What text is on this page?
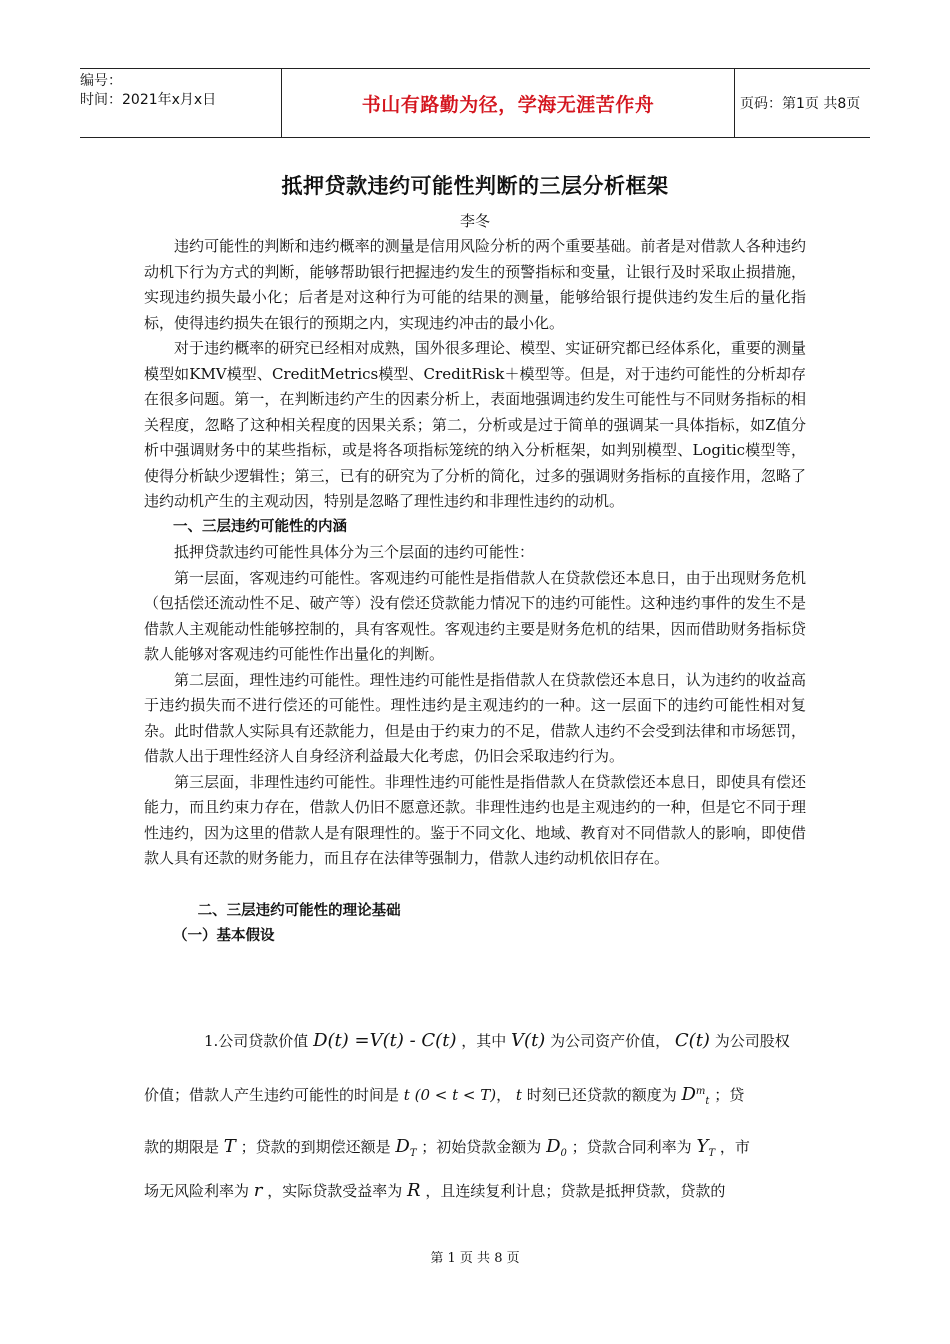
编号：
时间：2021年x月x日	书山有路勤为径，学海无涯苦作舟	页码：第1页 共8页
抵押贷款违约可能性判断的三层分析框架
李冬

违约可能性的判断和违约概率的测量是信用风险分析的两个重要基础。前者是对借款人各种违约动机下行为方式的判断，能够帮助银行把握违约发生的预警指标和变量，让银行及时采取止损措施，实现违约损失最小化；后者是对这种行为可能的结果的测量，能够给银行提供违约发生后的量化指标，使得违约损失在银行的预期之内，实现违约冲击的最小化。

对于违约概率的研究已经相对成熟，国外很多理论、模型、实证研究都已经体系化，重要的测量模型如KMV模型、CreditMetrics模型、CreditRisk＋模型等。但是，对于违约可能性的分析却存在很多问题。第一，在判断违约产生的因素分析上，表面地强调违约发生可能性与不同财务指标的相关程度，忽略了这种相关程度的因果关系；第二，分析或是过于简单的强调某一具体指标，如Z值分析中强调财务中的某些指标，或是将各项指标笼统的纳入分析框架，如判别模型、Logitic模型等，使得分析缺少逻辑性；第三，已有的研究为了分析的简化，过多的强调财务指标的直接作用，忽略了违约动机产生的主观动因，特别是忽略了理性违约和非理性违约的动机。

一、三层违约可能性的内涵

抵押贷款违约可能性具体分为三个层面的违约可能性：

第一层面，客观违约可能性。客观违约可能性是指借款人在贷款偿还本息日，由于出现财务危机（包括偿还流动性不足、破产等）没有偿还贷款能力情况下的违约可能性。这种违约事件的发生不是借款人主观能动性能够控制的，具有客观性。客观违约主要是财务危机的结果，因而借助财务指标贷款人能够对客观违约可能性作出量化的判断。

第二层面，理性违约可能性。理性违约可能性是指借款人在贷款偿还本息日，认为违约的收益高于违约损失而不进行偿还的可能性。理性违约是主观违约的一种。这一层面下的违约可能性相对复杂。此时借款人实际具有还款能力，但是由于约束力的不足，借款人违约不会受到法律和市场惩罚，借款人出于理性经济人自身经济利益最大化考虑，仍旧会采取违约行为。

第三层面，非理性违约可能性。非理性违约可能性是指借款人在贷款偿还本息日，即使具有偿还能力，而且约束力存在，借款人仍旧不愿意还款。非理性违约也是主观违约的一种，但是它不同于理性违约，因为这里的借款人是有限理性的。鉴于不同文化、地域、教育对不同借款人的影响，即使借款人具有还款的财务能力，而且存在法律等强制力，借款人违约动机依旧存在。

二、三层违约可能性的理论基础

（一）基本假设

1.公司贷款价值 D(t) =V(t) - C(t) ，其中 V(t) 为公司资产价值， C(t) 为公司股权
价值；借款人产生违约可能性的时间是 t (0 < t < T)， t 时刻已还贷款的额度为 $D^m_t$ ；贷
款的期限是 T ；贷款的到期偿还额是 $D_T$ ；初始贷款金额为 $D_0$ ；贷款合同利率为 $Y_T$ ，市
场无风险利率为 r ，实际贷款受益率为 R ，且连续复利计息；贷款是抵押贷款，贷款的
第 1 页 共 8 页
